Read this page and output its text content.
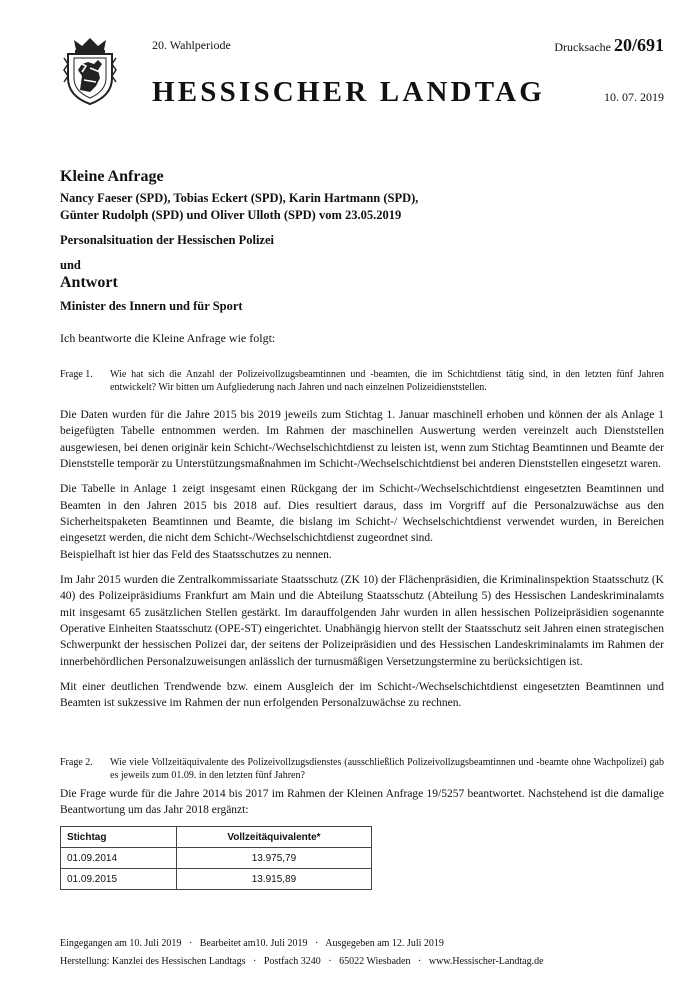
20. Wahlperiode	Drucksache 20/691
HESSISCHER LANDTAG	10. 07. 2019

Kleine Anfrage

Nancy Faeser (SPD), Tobias Eckert (SPD), Karin Hartmann (SPD),
Günter Rudolph (SPD) und Oliver Ulloth (SPD) vom 23.05.2019

Personalsituation der Hessischen Polizei

und

Antwort

Minister des Innern und für Sport

Ich beantworte die Kleine Anfrage wie folgt:
Frage 1.	Wie hat sich die Anzahl der Polizeivollzugsbeamtinnen und -beamten, die im Schichtdienst tätig sind, in den letzten fünf Jahren entwickelt? Wir bitten um Aufgliederung nach Jahren und nach einzelnen Polizeidienststellen.

Die Daten wurden für die Jahre 2015 bis 2019 jeweils zum Stichtag 1. Januar maschinell erhoben und können der als Anlage 1 beigefügten Tabelle entnommen werden. Im Rahmen der maschinellen Auswertung werden vereinzelt auch Dienststellen ausgewiesen, bei denen originär kein Schicht-/Wechselschichtdienst zu leisten ist, wenn zum Stichtag Beamtinnen und Beamte der Dienststelle temporär zu Unterstützungsmaßnahmen im Schicht-/Wechselschichtdienst bei anderen Dienststellen eingesetzt waren.

Die Tabelle in Anlage 1 zeigt insgesamt einen Rückgang der im Schicht-/Wechselschichtdienst eingesetzten Beamtinnen und Beamten in den Jahren 2015 bis 2018 auf. Dies resultiert daraus, dass im Vorgriff auf die Personalzuwächse aus den Sicherheitspaketen Beamtinnen und Beamte, die bislang im Schicht-/ Wechselschichtdienst verwendet wurden, in Bereichen eingesetzt werden, die nicht dem Schicht-/Wechselschichtdienst zugeordnet sind.

Beispielhaft ist hier das Feld des Staatsschutzes zu nennen.

Im Jahr 2015 wurden die Zentralkommissariate Staatsschutz (ZK 10) der Flächenpräsidien, die Kriminalinspektion Staatsschutz (K 40) des Polizeipräsidiums Frankfurt am Main und die Abteilung Staatsschutz (Abteilung 5) des Hessischen Landeskriminalamts mit insgesamt 65 zusätzlichen Stellen gestärkt. Im darauffolgenden Jahr wurden in allen hessischen Polizeipräsidien sogenannte Operative Einheiten Staatsschutz (OPE-ST) eingerichtet. Unabhängig hiervon stellt der Staatsschutz seit Jahren einen strategischen Schwerpunkt der hessischen Polizei dar, der seitens der Polizeipräsidien und des Hessischen Landeskriminalamts im Rahmen der innerbehördlichen Personalzuweisungen anlässlich der turnusmäßigen Versetzungstermine zu berücksichtigen ist.

Mit einer deutlichen Trendwende bzw. einem Ausgleich der im Schicht-/Wechselschichtdienst eingesetzten Beamtinnen und Beamten ist sukzessive im Rahmen der nun erfolgenden Personalzuwächse zu rechnen.

Frage 2.	Wie viele Vollzeitäquivalente des Polizeivollzugsdienstes (ausschließlich Polizeivollzugsbeamtinnen und -beamte ohne Wachpolizei) gab es jeweils zum 01.09. in den letzten fünf Jahren?

Die Frage wurde für die Jahre 2014 bis 2017 im Rahmen der Kleinen Anfrage 19/5257 beantwortet. Nachstehend ist die damalige Beantwortung um das Jahr 2018 ergänzt:

Stichtag	Vollzeitäquivalente*
01.09.2014	13.975,79
01.09.2015	13.915,89
Eingegangen am 10. Juli 2019 · Bearbeitet am10. Juli 2019 · Ausgegeben am 12. Juli 2019
Herstellung: Kanzlei des Hessischen Landtags · Postfach 3240 · 65022 Wiesbaden · www.Hessischer-Landtag.de
